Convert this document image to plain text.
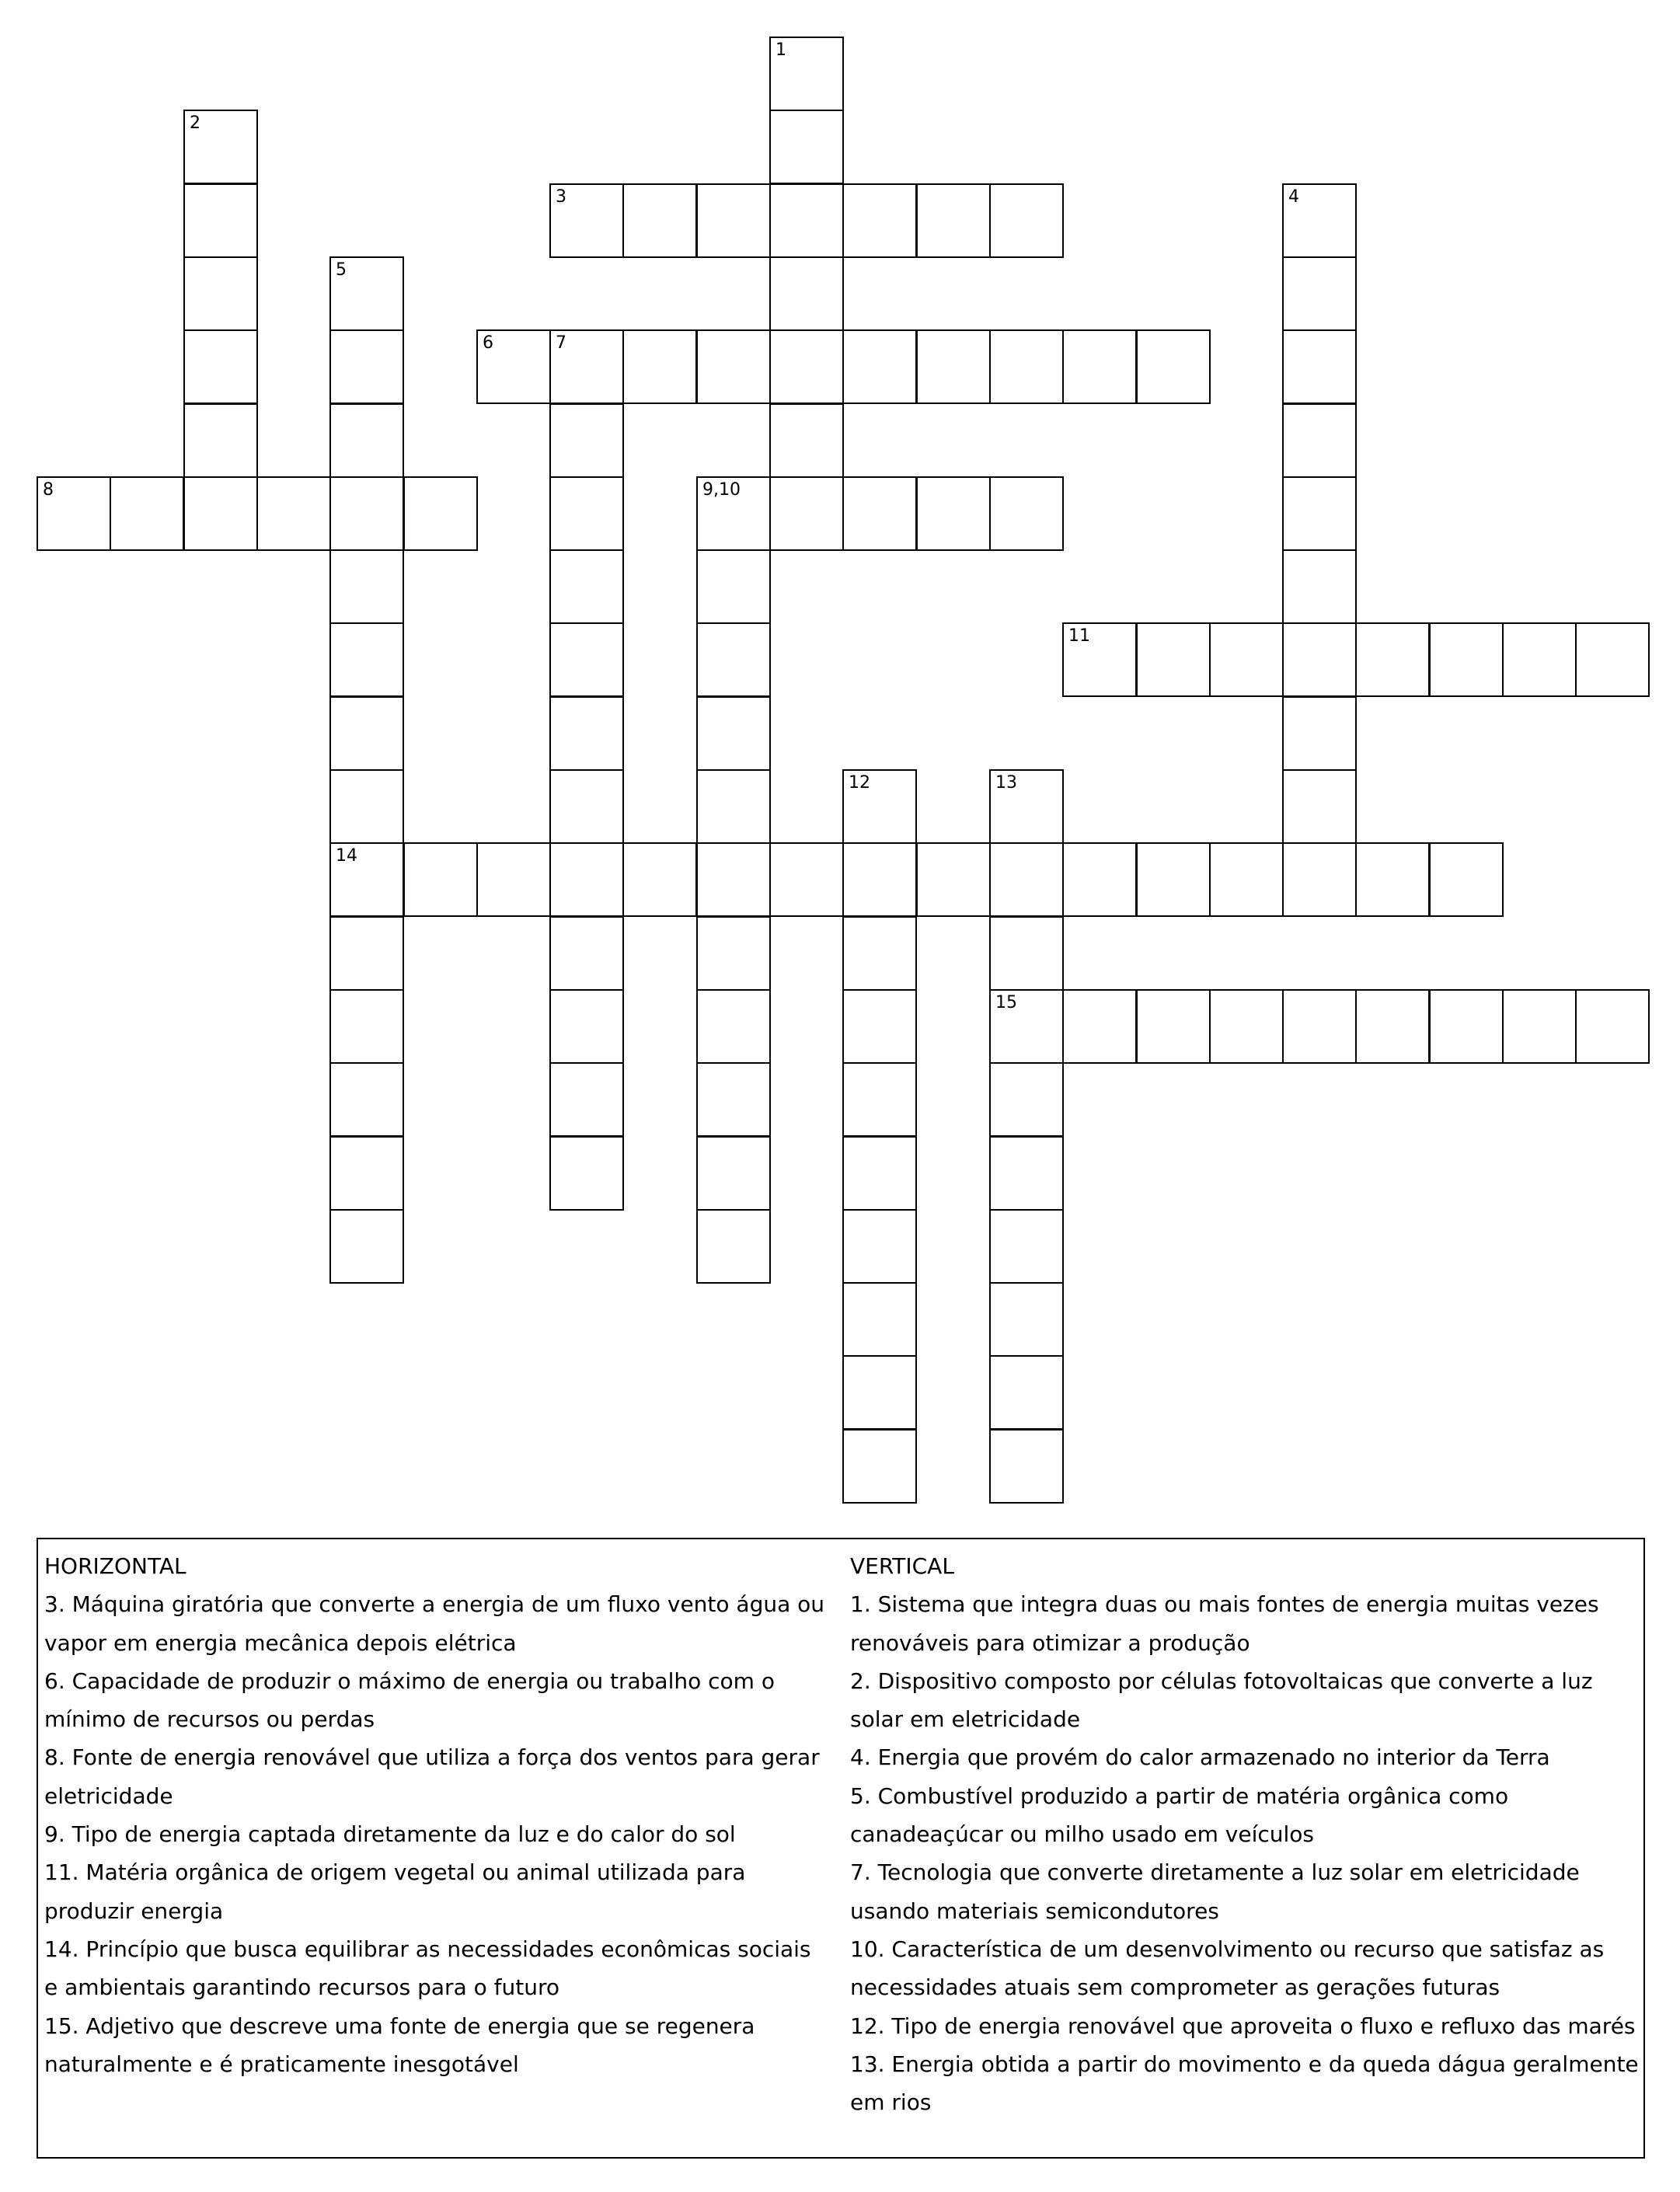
1
2
3	4
5
6	7
8	9,10
11
12	13
14
15
HORIZONTAL
3. Máquina giratória que converte a energia de um fluxo vento água ou vapor em energia mecânica depois elétrica
6. Capacidade de produzir o máximo de energia ou trabalho com o mínimo de recursos ou perdas
8. Fonte de energia renovável que utiliza a força dos ventos para gerar eletricidade
9. Tipo de energia captada diretamente da luz e do calor do sol
11. Matéria orgânica de origem vegetal ou animal utilizada para produzir energia
14. Princípio que busca equilibrar as necessidades econômicas sociais e ambientais garantindo recursos para o futuro
15. Adjetivo que descreve uma fonte de energia que se regenera naturalmente e é praticamente inesgotável
VERTICAL
1. Sistema que integra duas ou mais fontes de energia muitas vezes renováveis para otimizar a produção
2. Dispositivo composto por células fotovoltaicas que converte a luz solar em eletricidade
4. Energia que provém do calor armazenado no interior da Terra
5. Combustível produzido a partir de matéria orgânica como canadeaçúcar ou milho usado em veículos
7. Tecnologia que converte diretamente a luz solar em eletricidade usando materiais semicondutores
10. Característica de um desenvolvimento ou recurso que satisfaz as necessidades atuais sem comprometer as gerações futuras
12. Tipo de energia renovável que aproveita o fluxo e refluxo das marés
13. Energia obtida a partir do movimento e da queda dágua geralmente em rios
